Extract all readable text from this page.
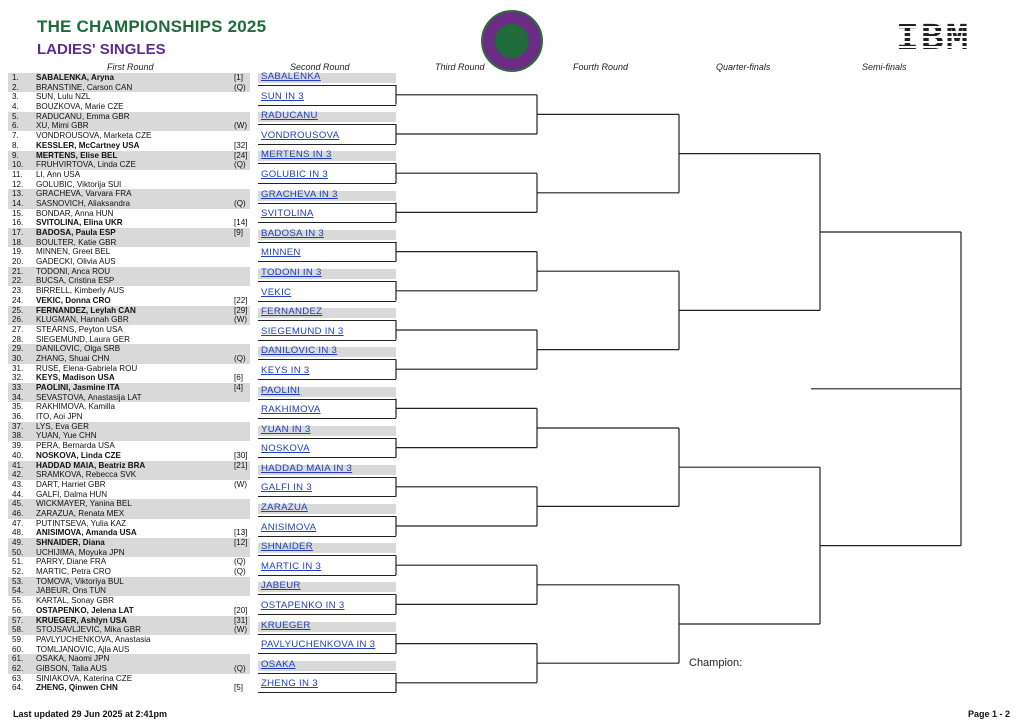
THE CHAMPIONSHIPS 2025
LADIES' SINGLES	IBM
First Round	Second Round	Third Round	Fourth Round	Quarter-finals	Semi-finals
1.	SABALENKA, Aryna	[1]
2.	BRANSTINE, Carson CAN	(Q)
3.	SUN, Lulu NZL
4.	BOUZKOVA, Marie CZE
5.	RADUCANU, Emma GBR
6.	XU, Mimi GBR	(W)
7.	VONDROUSOVA, Marketa CZE
8.	KESSLER, McCartney USA	[32]
9.	MERTENS, Elise BEL	[24]
10.	FRUHVIRTOVA, Linda CZE	(Q)
11.	LI, Ann USA
12.	GOLUBIC, Viktorija SUI
13.	GRACHEVA, Varvara FRA
14.	SASNOVICH, Aliaksandra	(Q)
15.	BONDAR, Anna HUN
16.	SVITOLINA, Elina UKR	[14]
17.	BADOSA, Paula ESP	[9]
18.	BOULTER, Katie GBR
19.	MINNEN, Greet BEL
20.	GADECKI, Olivia AUS
21.	TODONI, Anca ROU
22.	BUCSA, Cristina ESP
23.	BIRRELL, Kimberly AUS
24.	VEKIC, Donna CRO	[22]
25.	FERNANDEZ, Leylah CAN	[29]
26.	KLUGMAN, Hannah GBR	(W)
27.	STEARNS, Peyton USA
28.	SIEGEMUND, Laura GER
29.	DANILOVIC, Olga SRB
30.	ZHANG, Shuai CHN	(Q)
31.	RUSE, Elena-Gabriela ROU
32.	KEYS, Madison USA	[6]
33.	PAOLINI, Jasmine ITA	[4]
34.	SEVASTOVA, Anastasija LAT
35.	RAKHIMOVA, Kamilla
36.	ITO, Aoi JPN
37.	LYS, Eva GER
38.	YUAN, Yue CHN
39.	PERA, Bernarda USA
40.	NOSKOVA, Linda CZE	[30]
41.	HADDAD MAIA, Beatriz BRA	[21]
42.	SRAMKOVA, Rebecca SVK
43.	DART, Harriet GBR	(W)
44.	GALFI, Dalma HUN
45.	WICKMAYER, Yanina BEL
46.	ZARAZUA, Renata MEX
47.	PUTINTSEVA, Yulia KAZ
48.	ANISIMOVA, Amanda USA	[13]
49.	SHNAIDER, Diana	[12]
50.	UCHIJIMA, Moyuka JPN
51.	PARRY, Diane FRA	(Q)
52.	MARTIC, Petra CRO	(Q)
53.	TOMOVA, Viktoriya BUL
54.	JABEUR, Ons TUN
55.	KARTAL, Sonay GBR
56.	OSTAPENKO, Jelena LAT	[20]
57.	KRUEGER, Ashlyn USA	[31]
58.	STOJSAVLJEVIC, Mika GBR	(W)
59.	PAVLYUCHENKOVA, Anastasia
60.	TOMLJANOVIC, Ajla AUS
61.	OSAKA, Naomi JPN
62.	GIBSON, Talia AUS	(Q)
63.	SINIAKOVA, Katerina CZE
64.	ZHENG, Qinwen CHN	[5]
SABALENKA
SUN IN 3
RADUCANU
VONDROUSOVA
MERTENS IN 3
GOLUBIC IN 3
GRACHEVA IN 3
SVITOLINA
BADOSA IN 3
MINNEN
TODONI IN 3
VEKIC
FERNANDEZ
SIEGEMUND IN 3
DANILOVIC IN 3
KEYS IN 3
PAOLINI
RAKHIMOVA
YUAN IN 3
NOSKOVA
HADDAD MAIA IN 3
GALFI IN 3
ZARAZUA
ANISIMOVA
SHNAIDER
MARTIC IN 3
JABEUR
OSTAPENKO IN 3
KRUEGER
PAVLYUCHENKOVA IN 3
OSAKA
ZHENG IN 3
Champion:
Last updated 29 Jun 2025 at 2:41pm	Page 1 - 2
